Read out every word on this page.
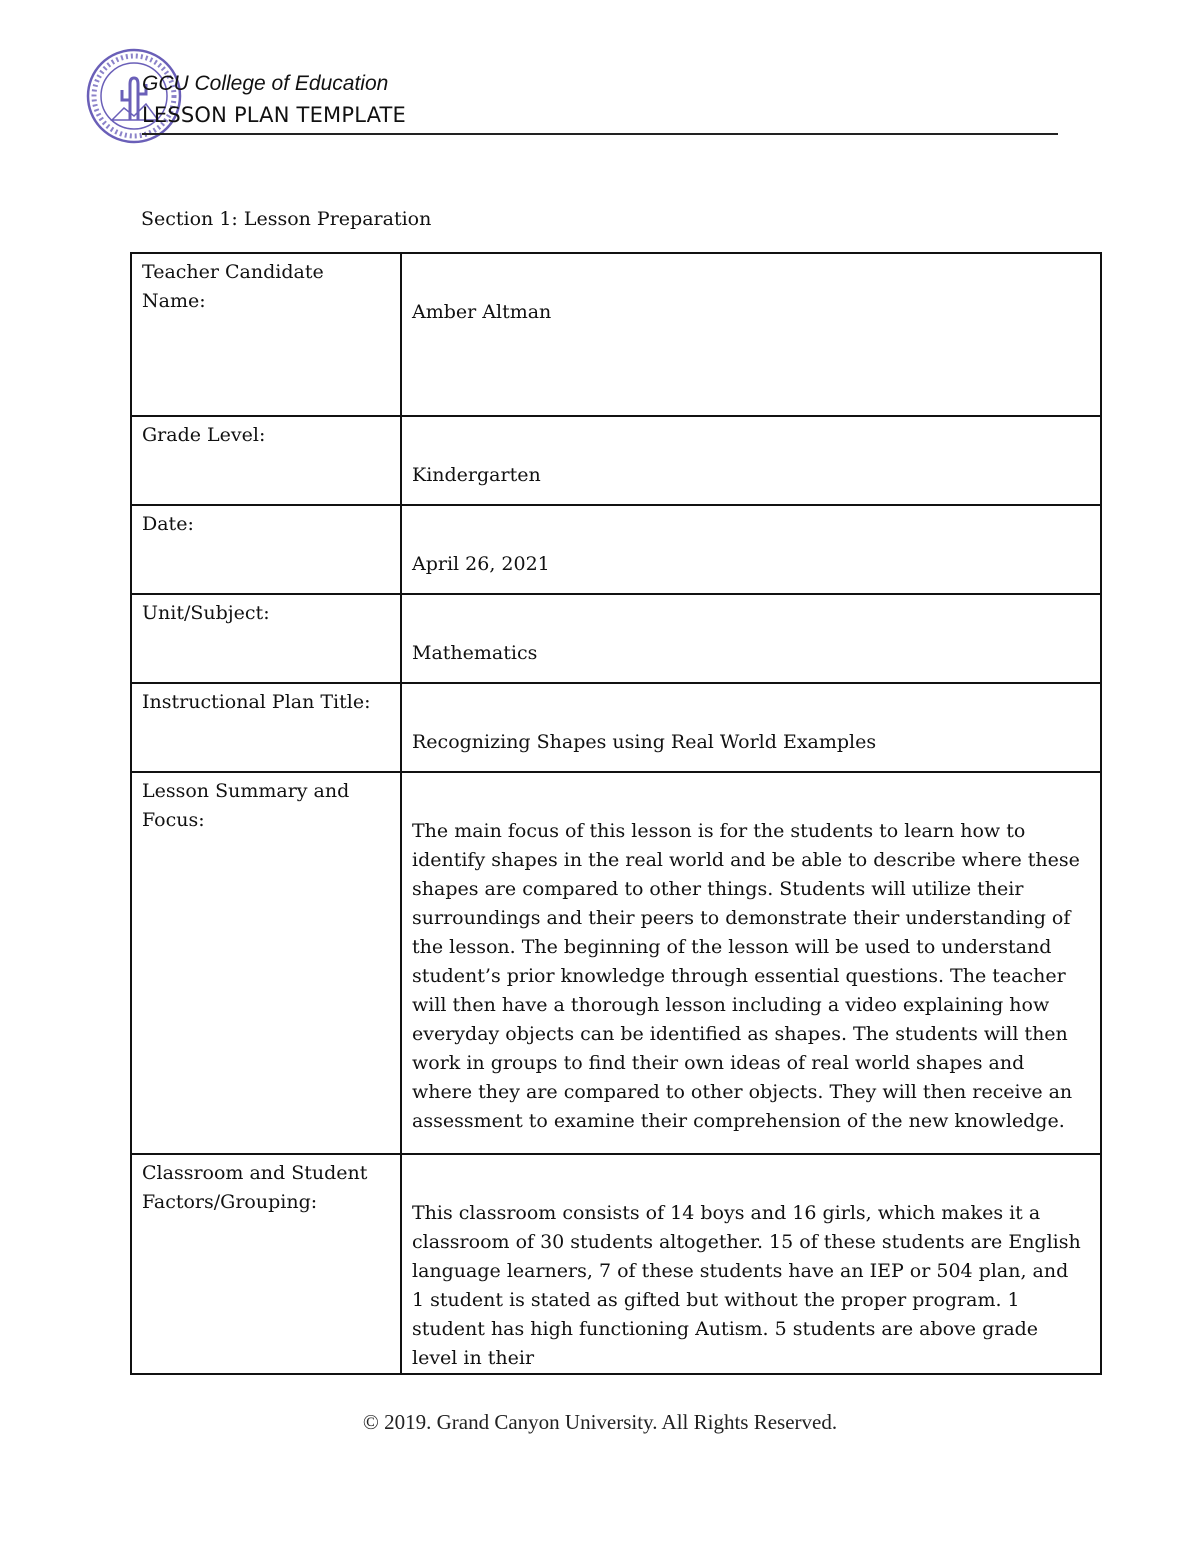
GCU College of Education
LESSON PLAN TEMPLATE
Section 1: Lesson Preparation
Teacher Candidate Name:	Amber Altman

Grade Level:	Kindergarten

Date:	April 26, 2021

Unit/Subject:	Mathematics

Instructional Plan Title:	Recognizing Shapes using Real World Examples

Lesson Summary and Focus:	The main focus of this lesson is for the students to learn how to identify shapes in the real world and be able to describe where these shapes are compared to other things. Students will utilize their surroundings and their peers to demonstrate their understanding of the lesson. The beginning of the lesson will be used to understand student’s prior knowledge through essential questions. The teacher will then have a thorough lesson including a video explaining how everyday objects can be identified as shapes. The students will then work in groups to find their own ideas of real world shapes and where they are compared to other objects. They will then receive an assessment to examine their comprehension of the new knowledge.

Classroom and Student Factors/Grouping:	This classroom consists of 14 boys and 16 girls, which makes it a classroom of 30 students altogether. 15 of these students are English language learners, 7 of these students have an IEP or 504 plan, and 1 student is stated as gifted but without the proper program. 1 student has high functioning Autism. 5 students are above grade level in their
© 2019. Grand Canyon University. All Rights Reserved.
